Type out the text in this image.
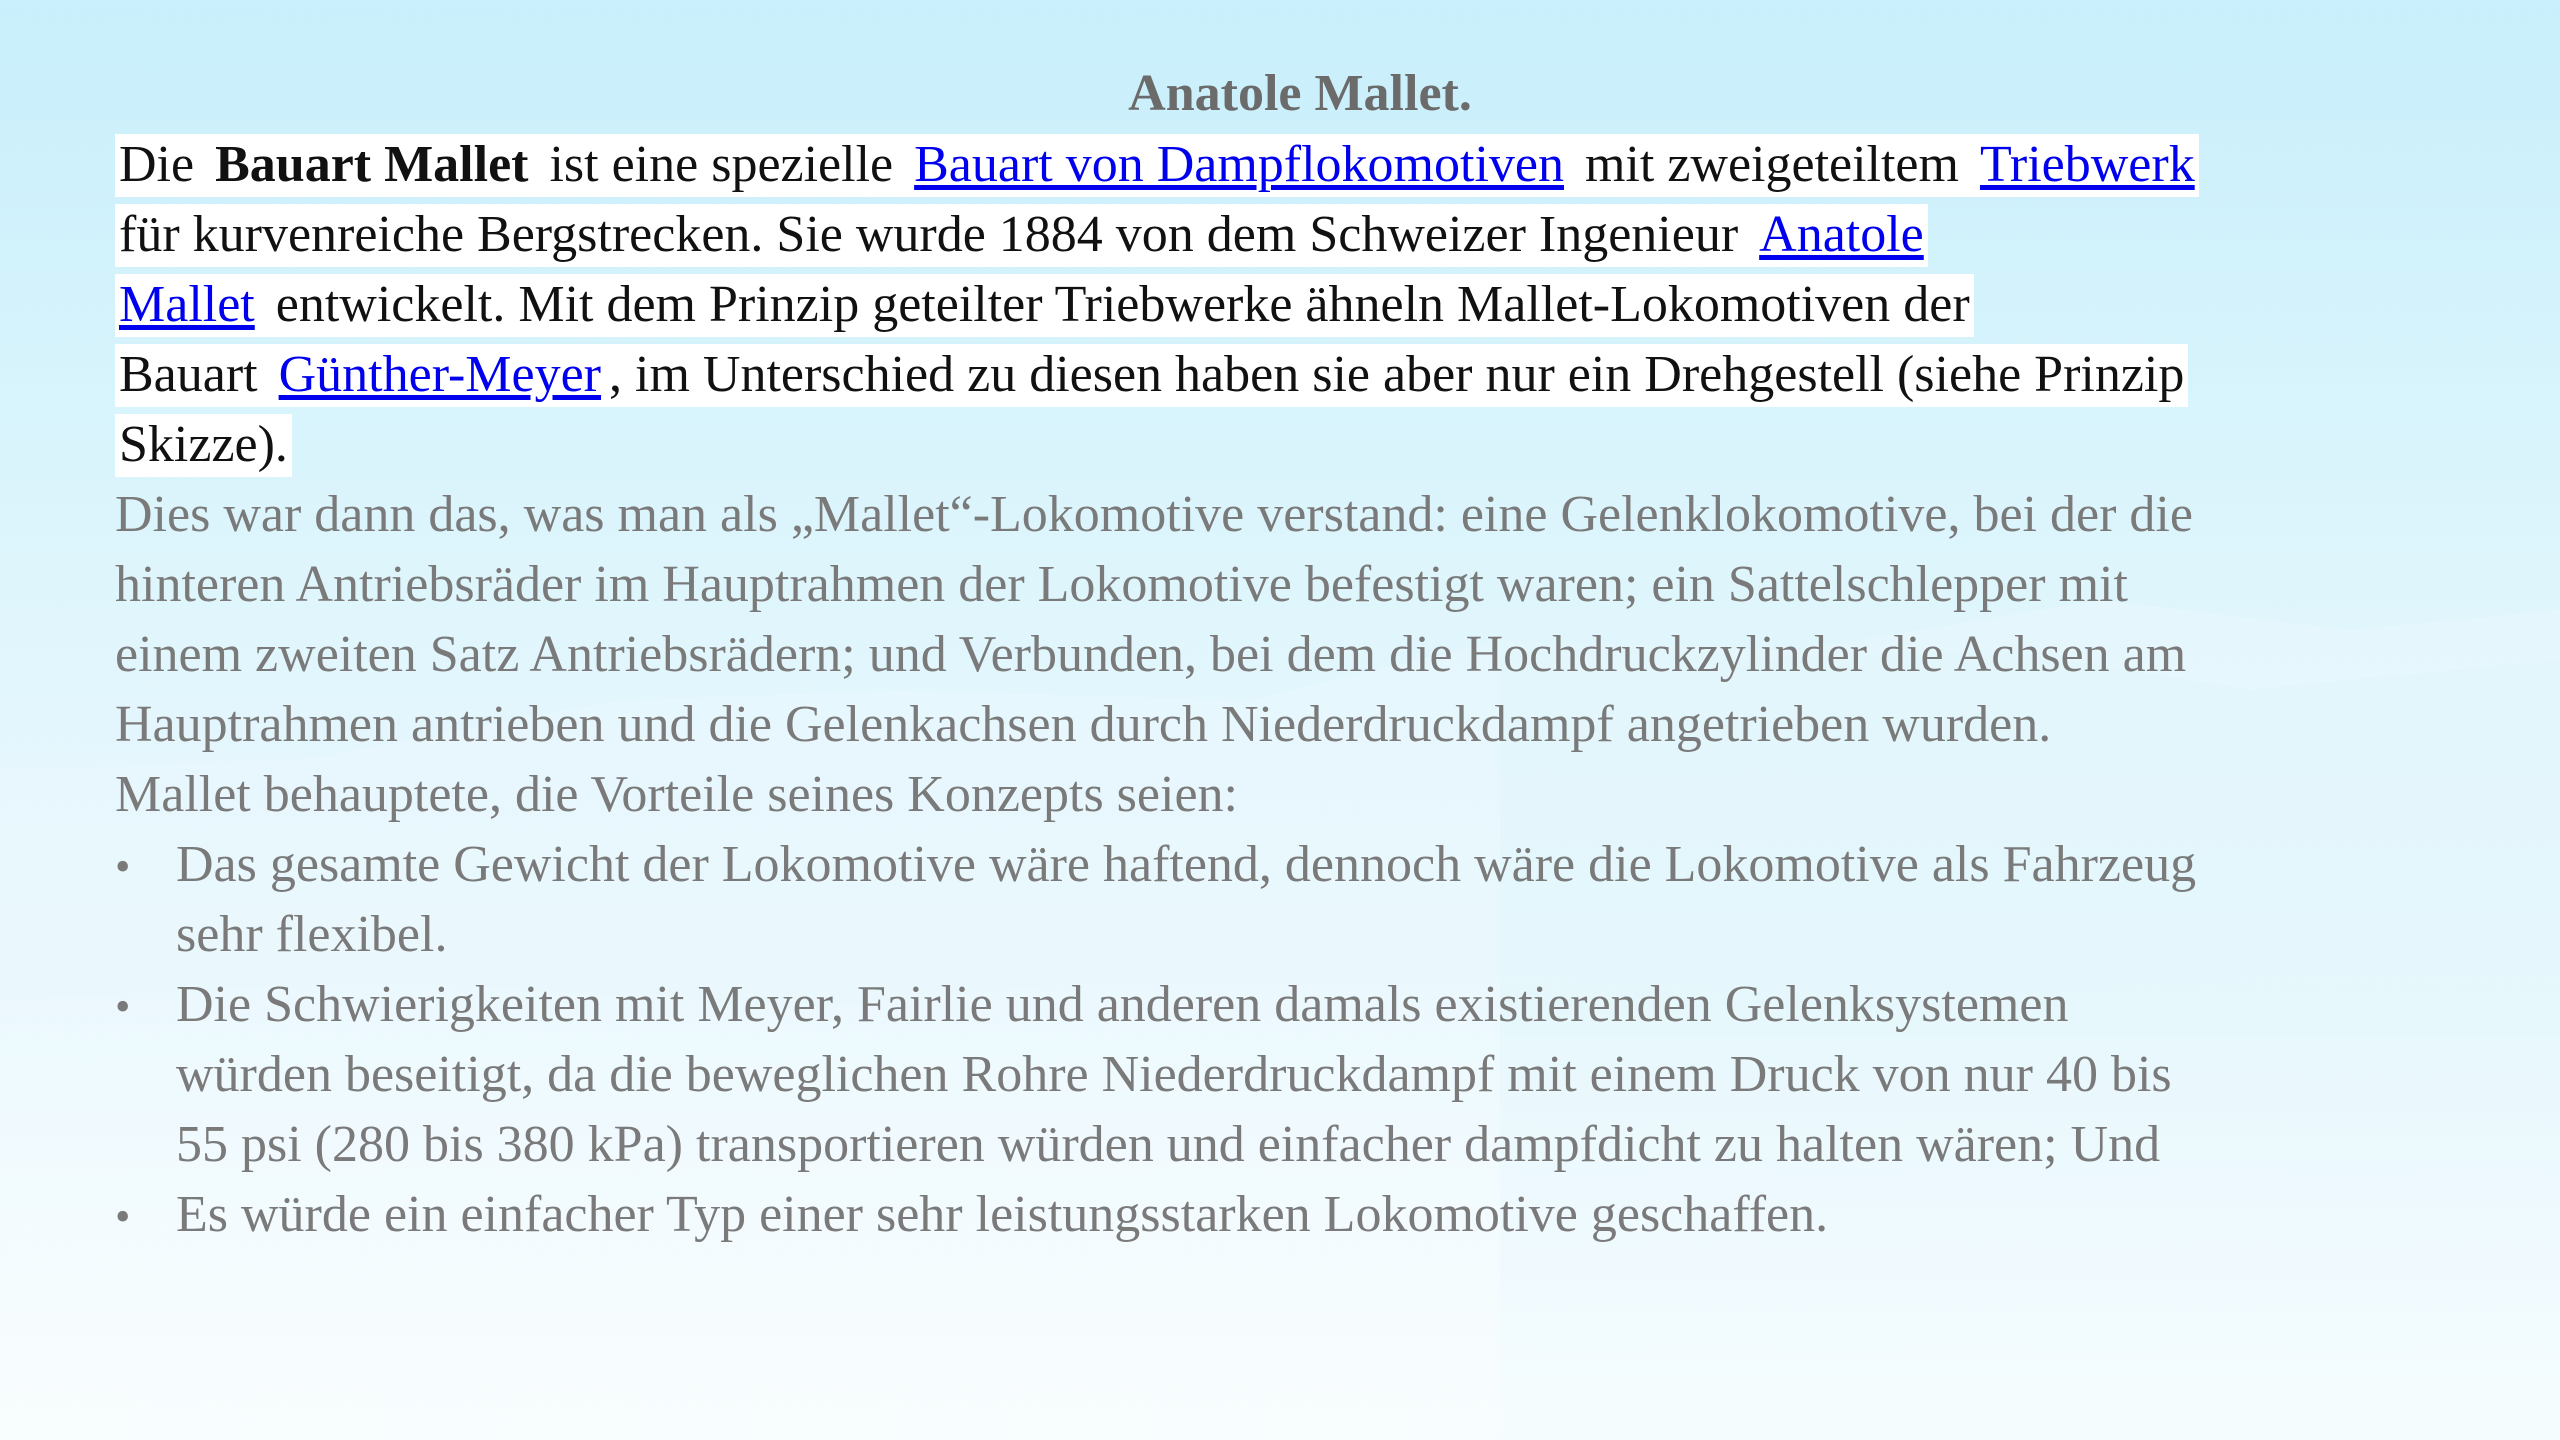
Anatole Mallet.
Die Bauart Mallet ist eine spezielle Bauart von Dampflokomotiven mit zweigeteiltem Triebwerk
für kurvenreiche Bergstrecken. Sie wurde 1884 von dem Schweizer Ingenieur Anatole
Mallet entwickelt. Mit dem Prinzip geteilter Triebwerke ähneln Mallet-Lokomotiven der
Bauart Günther-Meyer , im Unterschied zu diesen haben sie aber nur ein Drehgestell (siehe Prinzip
Skizze).
Dies war dann das, was man als „Mallet“-Lokomotive verstand: eine Gelenklokomotive, bei der die
hinteren Antriebsräder im Hauptrahmen der Lokomotive befestigt waren; ein Sattelschlepper mit
einem zweiten Satz Antriebsrädern; und Verbunden, bei dem die Hochdruckzylinder die Achsen am
Hauptrahmen antrieben und die Gelenkachsen durch Niederdruckdampf angetrieben wurden.
Mallet behauptete, die Vorteile seines Konzepts seien:
• Das gesamte Gewicht der Lokomotive wäre haftend, dennoch wäre die Lokomotive als Fahrzeug
sehr flexibel.
• Die Schwierigkeiten mit Meyer, Fairlie und anderen damals existierenden Gelenksystemen
würden beseitigt, da die beweglichen Rohre Niederdruckdampf mit einem Druck von nur 40 bis
55 psi (280 bis 380 kPa) transportieren würden und einfacher dampfdicht zu halten wären; Und
• Es würde ein einfacher Typ einer sehr leistungsstarken Lokomotive geschaffen.
